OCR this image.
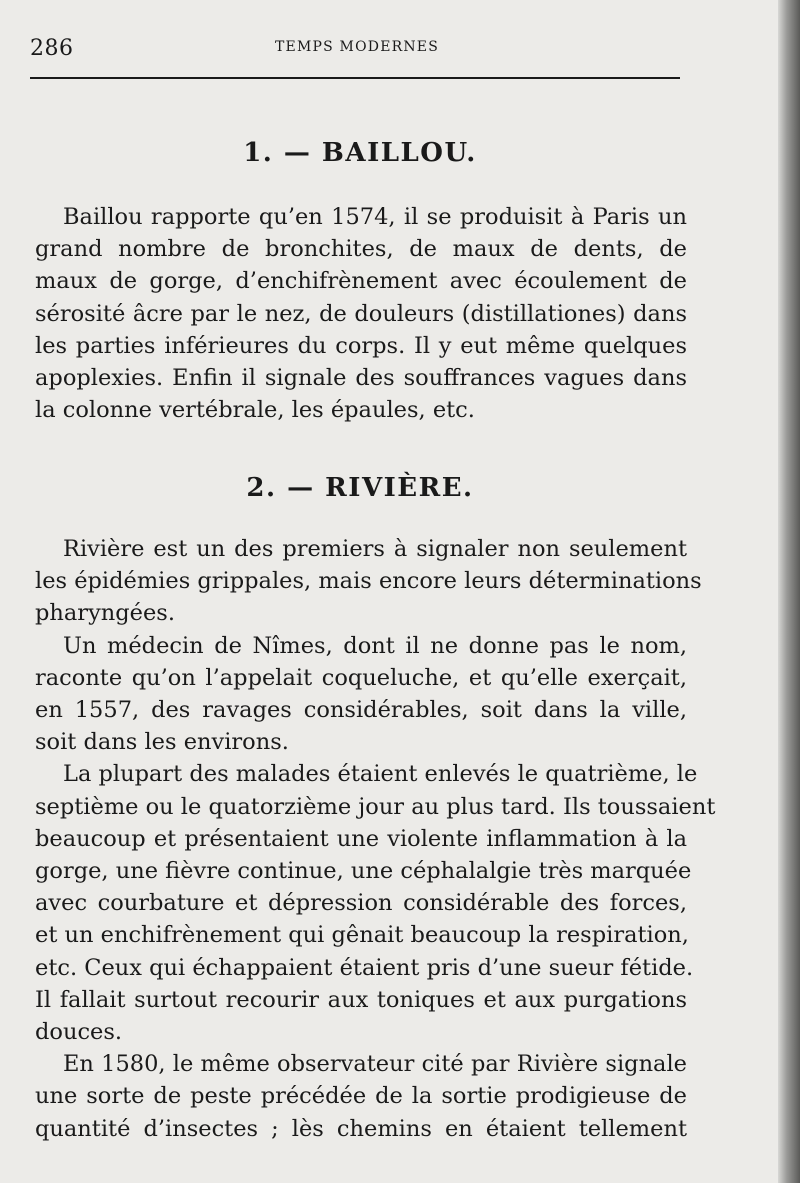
286	TEMPS MODERNES
1. — BAILLOU.
Baillou rapporte qu’en 1574, il se produisit à Paris un
grand nombre de bronchites, de maux de dents, de
maux de gorge, d’enchifrènement avec écoulement de
sérosité âcre par le nez, de douleurs (distillationes) dans
les parties inférieures du corps. Il y eut même quelques
apoplexies. Enfin il signale des souffrances vagues dans
la colonne vertébrale, les épaules, etc.
2. — RIVIÈRE.
Rivière est un des premiers à signaler non seulement
les épidémies grippales, mais encore leurs déterminations
pharyngées.
Un médecin de Nîmes, dont il ne donne pas le nom,
raconte qu’on l’appelait coqueluche, et qu’elle exerçait,
en 1557, des ravages considérables, soit dans la ville,
soit dans les environs.
La plupart des malades étaient enlevés le quatrième, le
septième ou le quatorzième jour au plus tard. Ils toussaient
beaucoup et présentaient une violente inflammation à la
gorge, une fièvre continue, une céphalalgie très marquée
avec courbature et dépression considérable des forces,
et un enchifrènement qui gênait beaucoup la respiration,
etc. Ceux qui échappaient étaient pris d’une sueur fétide.
Il fallait surtout recourir aux toniques et aux purgations
douces.
En 1580, le même observateur cité par Rivière signale
une sorte de peste précédée de la sortie prodigieuse de
quantité d’insectes ; lès chemins en étaient tellement
